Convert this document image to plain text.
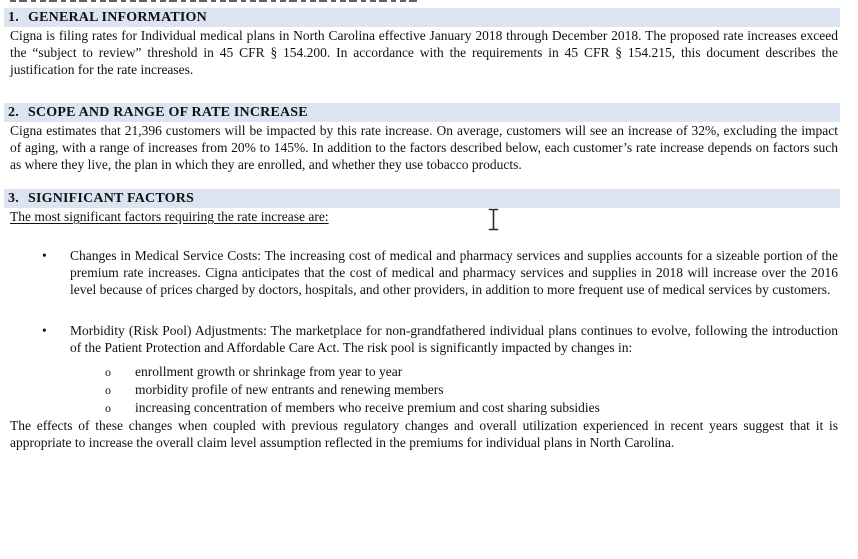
1. GENERAL INFORMATION

Cigna is filing rates for Individual medical plans in North Carolina effective January 2018 through December 2018. The proposed rate increases exceed the “subject to review” threshold in 45 CFR § 154.200. In accordance with the requirements in 45 CFR § 154.215, this document describes the justification for the rate increases.

2. SCOPE AND RANGE OF RATE INCREASE

Cigna estimates that 21,396 customers will be impacted by this rate increase. On average, customers will see an increase of 32%, excluding the impact of aging, with a range of increases from 20% to 145%. In addition to the factors described below, each customer’s rate increase depends on factors such as where they live, the plan in which they are enrolled, and whether they use tobacco products.

3. SIGNIFICANT FACTORS

The most significant factors requiring the rate increase are:

• Changes in Medical Service Costs: The increasing cost of medical and pharmacy services and supplies accounts for a sizeable portion of the premium rate increases. Cigna anticipates that the cost of medical and pharmacy services and supplies in 2018 will increase over the 2016 level because of prices charged by doctors, hospitals, and other providers, in addition to more frequent use of medical services by customers.
• Morbidity (Risk Pool) Adjustments: The marketplace for non-grandfathered individual plans continues to evolve, following the introduction of the Patient Protection and Affordable Care Act. The risk pool is significantly impacted by changes in:
o enrollment growth or shrinkage from year to year
o morbidity profile of new entrants and renewing members
o increasing concentration of members who receive premium and cost sharing subsidies

The effects of these changes when coupled with previous regulatory changes and overall utilization experienced in recent years suggest that it is appropriate to increase the overall claim level assumption reflected in the premiums for individual plans in North Carolina.
